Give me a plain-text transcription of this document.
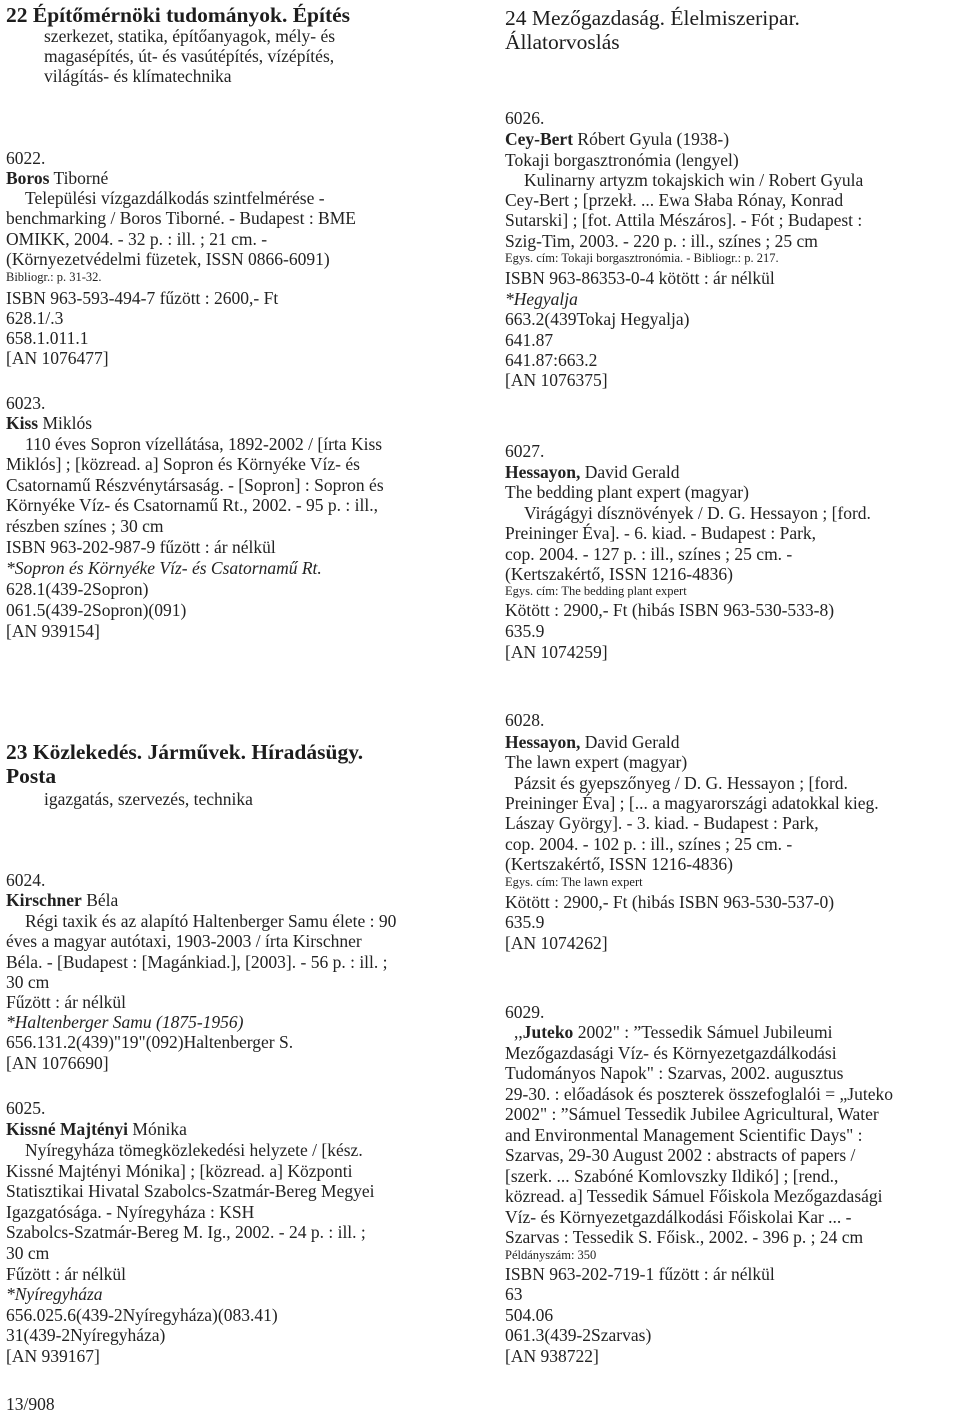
22 Építőmérnöki tudományok. Építés
szerkezet, statika, építőanyagok, mély- és
magasépítés, út- és vasútépítés, vízépítés,
világítás- és klímatechnika
6022.
Boros Tiborné
Települési vízgazdálkodás szintfelmérése -
benchmarking / Boros Tiborné. - Budapest : BME
OMIKK, 2004. - 32 p. : ill. ; 21 cm. -
(Környezetvédelmi füzetek, ISSN 0866-6091)
Bibliogr.: p. 31-32.
ISBN 963-593-494-7 fűzött : 2600,- Ft
628.1/.3
658.1.011.1
[AN 1076477]
6023.
Kiss Miklós
110 éves Sopron vízellátása, 1892-2002 / [írta Kiss
Miklós] ; [közread. a] Sopron és Környéke Víz- és
Csatornamű Részvénytársaság. - [Sopron] : Sopron és
Környéke Víz- és Csatornamű Rt., 2002. - 95 p. : ill.,
részben színes ; 30 cm
ISBN 963-202-987-9 fűzött : ár nélkül
*Sopron és Környéke Víz- és Csatornamű Rt.
628.1(439-2Sopron)
061.5(439-2Sopron)(091)
[AN 939154]
23 Közlekedés. Járművek. Híradásügy.
Posta
igazgatás, szervezés, technika
6024.
Kirschner Béla
Régi taxik és az alapító Haltenberger Samu élete : 90
éves a magyar autótaxi, 1903-2003 / írta Kirschner
Béla. - [Budapest : [Magánkiad.], [2003]. - 56 p. : ill. ;
30 cm
Fűzött : ár nélkül
*Haltenberger Samu (1875-1956)
656.131.2(439)"19"(092)Haltenberger S.
[AN 1076690]
6025.
Kissné Majtényi Mónika
Nyíregyháza tömegközlekedési helyzete / [kész.
Kissné Majtényi Mónika] ; [közread. a] Központi
Statisztikai Hivatal Szabolcs-Szatmár-Bereg Megyei
Igazgatósága. - Nyíregyháza : KSH
Szabolcs-Szatmár-Bereg M. Ig., 2002. - 24 p. : ill. ;
30 cm
Fűzött : ár nélkül
*Nyíregyháza
656.025.6(439-2Nyíregyháza)(083.41)
31(439-2Nyíregyháza)
[AN 939167]
13/908
24 Mezőgazdaság. Élelmiszeripar.
Állatorvoslás
6026.
Cey-Bert Róbert Gyula (1938-)
Tokaji borgasztronómia (lengyel)
Kulinarny artyzm tokajskich win / Robert Gyula
Cey-Bert ; [przekł. ... Ewa Słaba Rónay, Konrad
Sutarski] ; [fot. Attila Mészáros]. - Fót ; Budapest :
Szig-Tim, 2003. - 220 p. : ill., színes ; 25 cm
Egys. cím: Tokaji borgasztronómia. - Bibliogr.: p. 217.
ISBN 963-86353-0-4 kötött : ár nélkül
*Hegyalja
663.2(439Tokaj Hegyalja)
641.87
641.87:663.2
[AN 1076375]
6027.
Hessayon, David Gerald
The bedding plant expert (magyar)
Virágágyi dísznövények / D. G. Hessayon ; [ford.
Preininger Éva]. - 6. kiad. - Budapest : Park,
cop. 2004. - 127 p. : ill., színes ; 25 cm. -
(Kertszakértő, ISSN 1216-4836)
Egys. cím: The bedding plant expert
Kötött : 2900,- Ft (hibás ISBN 963-530-533-8)
635.9
[AN 1074259]
6028.
Hessayon, David Gerald
The lawn expert (magyar)
Pázsit és gyepszőnyeg / D. G. Hessayon ; [ford.
Preininger Éva] ; [... a magyarországi adatokkal kieg.
Lászay György]. - 3. kiad. - Budapest : Park,
cop. 2004. - 102 p. : ill., színes ; 25 cm. -
(Kertszakértő, ISSN 1216-4836)
Egys. cím: The lawn expert
Kötött : 2900,- Ft (hibás ISBN 963-530-537-0)
635.9
[AN 1074262]
6029.
,,Juteko 2002" : ”Tessedik Sámuel Jubileumi
Mezőgazdasági Víz- és Környezetgazdálkodási
Tudományos Napok" : Szarvas, 2002. augusztus
29-30. : előadások és poszterek összefoglalói = „Juteko
2002" : ”Sámuel Tessedik Jubilee Agricultural, Water
and Environmental Management Scientific Days" :
Szarvas, 29-30 August 2002 : abstracts of papers /
[szerk. ... Szabóné Komlovszky Ildikó] ; [rend.,
közread. a] Tessedik Sámuel Főiskola Mezőgazdasági
Víz- és Környezetgazdálkodási Főiskolai Kar ... -
Szarvas : Tessedik S. Főisk., 2002. - 396 p. ; 24 cm
Példányszám: 350
ISBN 963-202-719-1 fűzött : ár nélkül
63
504.06
061.3(439-2Szarvas)
[AN 938722]
